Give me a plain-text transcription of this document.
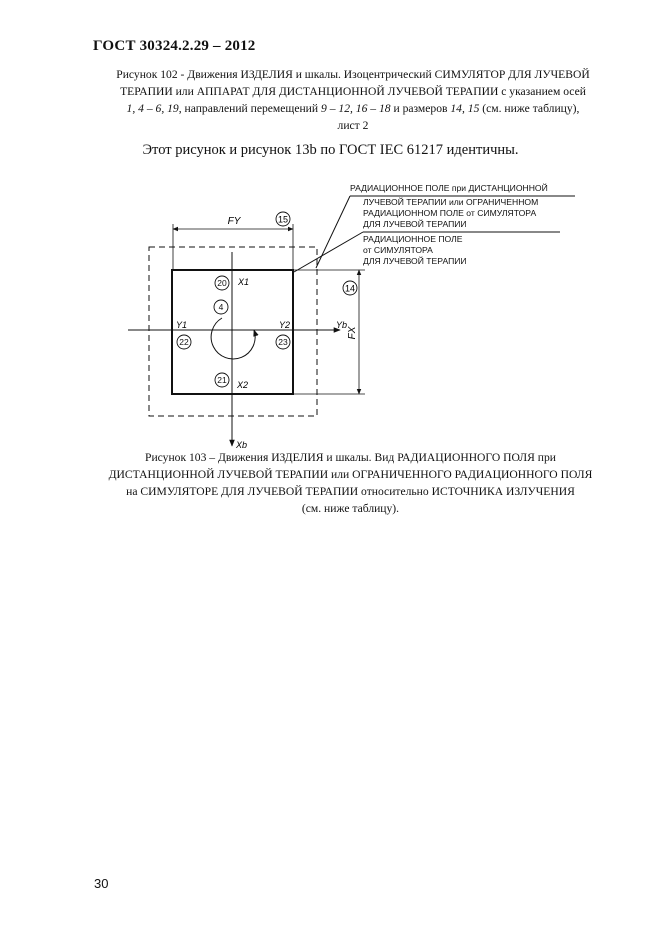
ГОСТ 30324.2.29 – 2012
Рисунок 102 - Движения ИЗДЕЛИЯ и шкалы. Изоцентрический СИМУЛЯТОР ДЛЯ ЛУЧЕВОЙ
ТЕРАПИИ или АППАРАТ ДЛЯ ДИСТАНЦИОННОЙ ЛУЧЕВОЙ ТЕРАПИИ с указанием осей
1, 4 – 6, 19, направлений перемещений 9 – 12, 16 – 18 и размеров 14, 15 (см. ниже таблицу),
лист 2
Этот рисунок и рисунок 13b по ГОСТ IEC 61217 идентичны.
РАДИАЦИОННОЕ ПОЛЕ при ДИСТАНЦИОННОЙ
ЛУЧЕВОЙ ТЕРАПИИ или ОГРАНИЧЕННОМ
РАДИАЦИОННОМ ПОЛЕ от СИМУЛЯТОРА
ДЛЯ ЛУЧЕВОЙ ТЕРАПИИ
РАДИАЦИОННОЕ ПОЛЕ
от СИМУЛЯТОРА
ДЛЯ ЛУЧЕВОЙ ТЕРАПИИ
FY	15
FX
14
Yb
Xb
X1
X2
Y1	Y2
20
4
22	23
21
Рисунок 103 – Движения ИЗДЕЛИЯ и шкалы. Вид РАДИАЦИОННОГО ПОЛЯ при
ДИСТАНЦИОННОЙ ЛУЧЕВОЙ ТЕРАПИИ или ОГРАНИЧЕННОГО РАДИАЦИОННОГО ПОЛЯ
на СИМУЛЯТОРЕ ДЛЯ ЛУЧЕВОЙ ТЕРАПИИ относительно ИСТОЧНИКА ИЗЛУЧЕНИЯ
(см. ниже таблицу).
30
